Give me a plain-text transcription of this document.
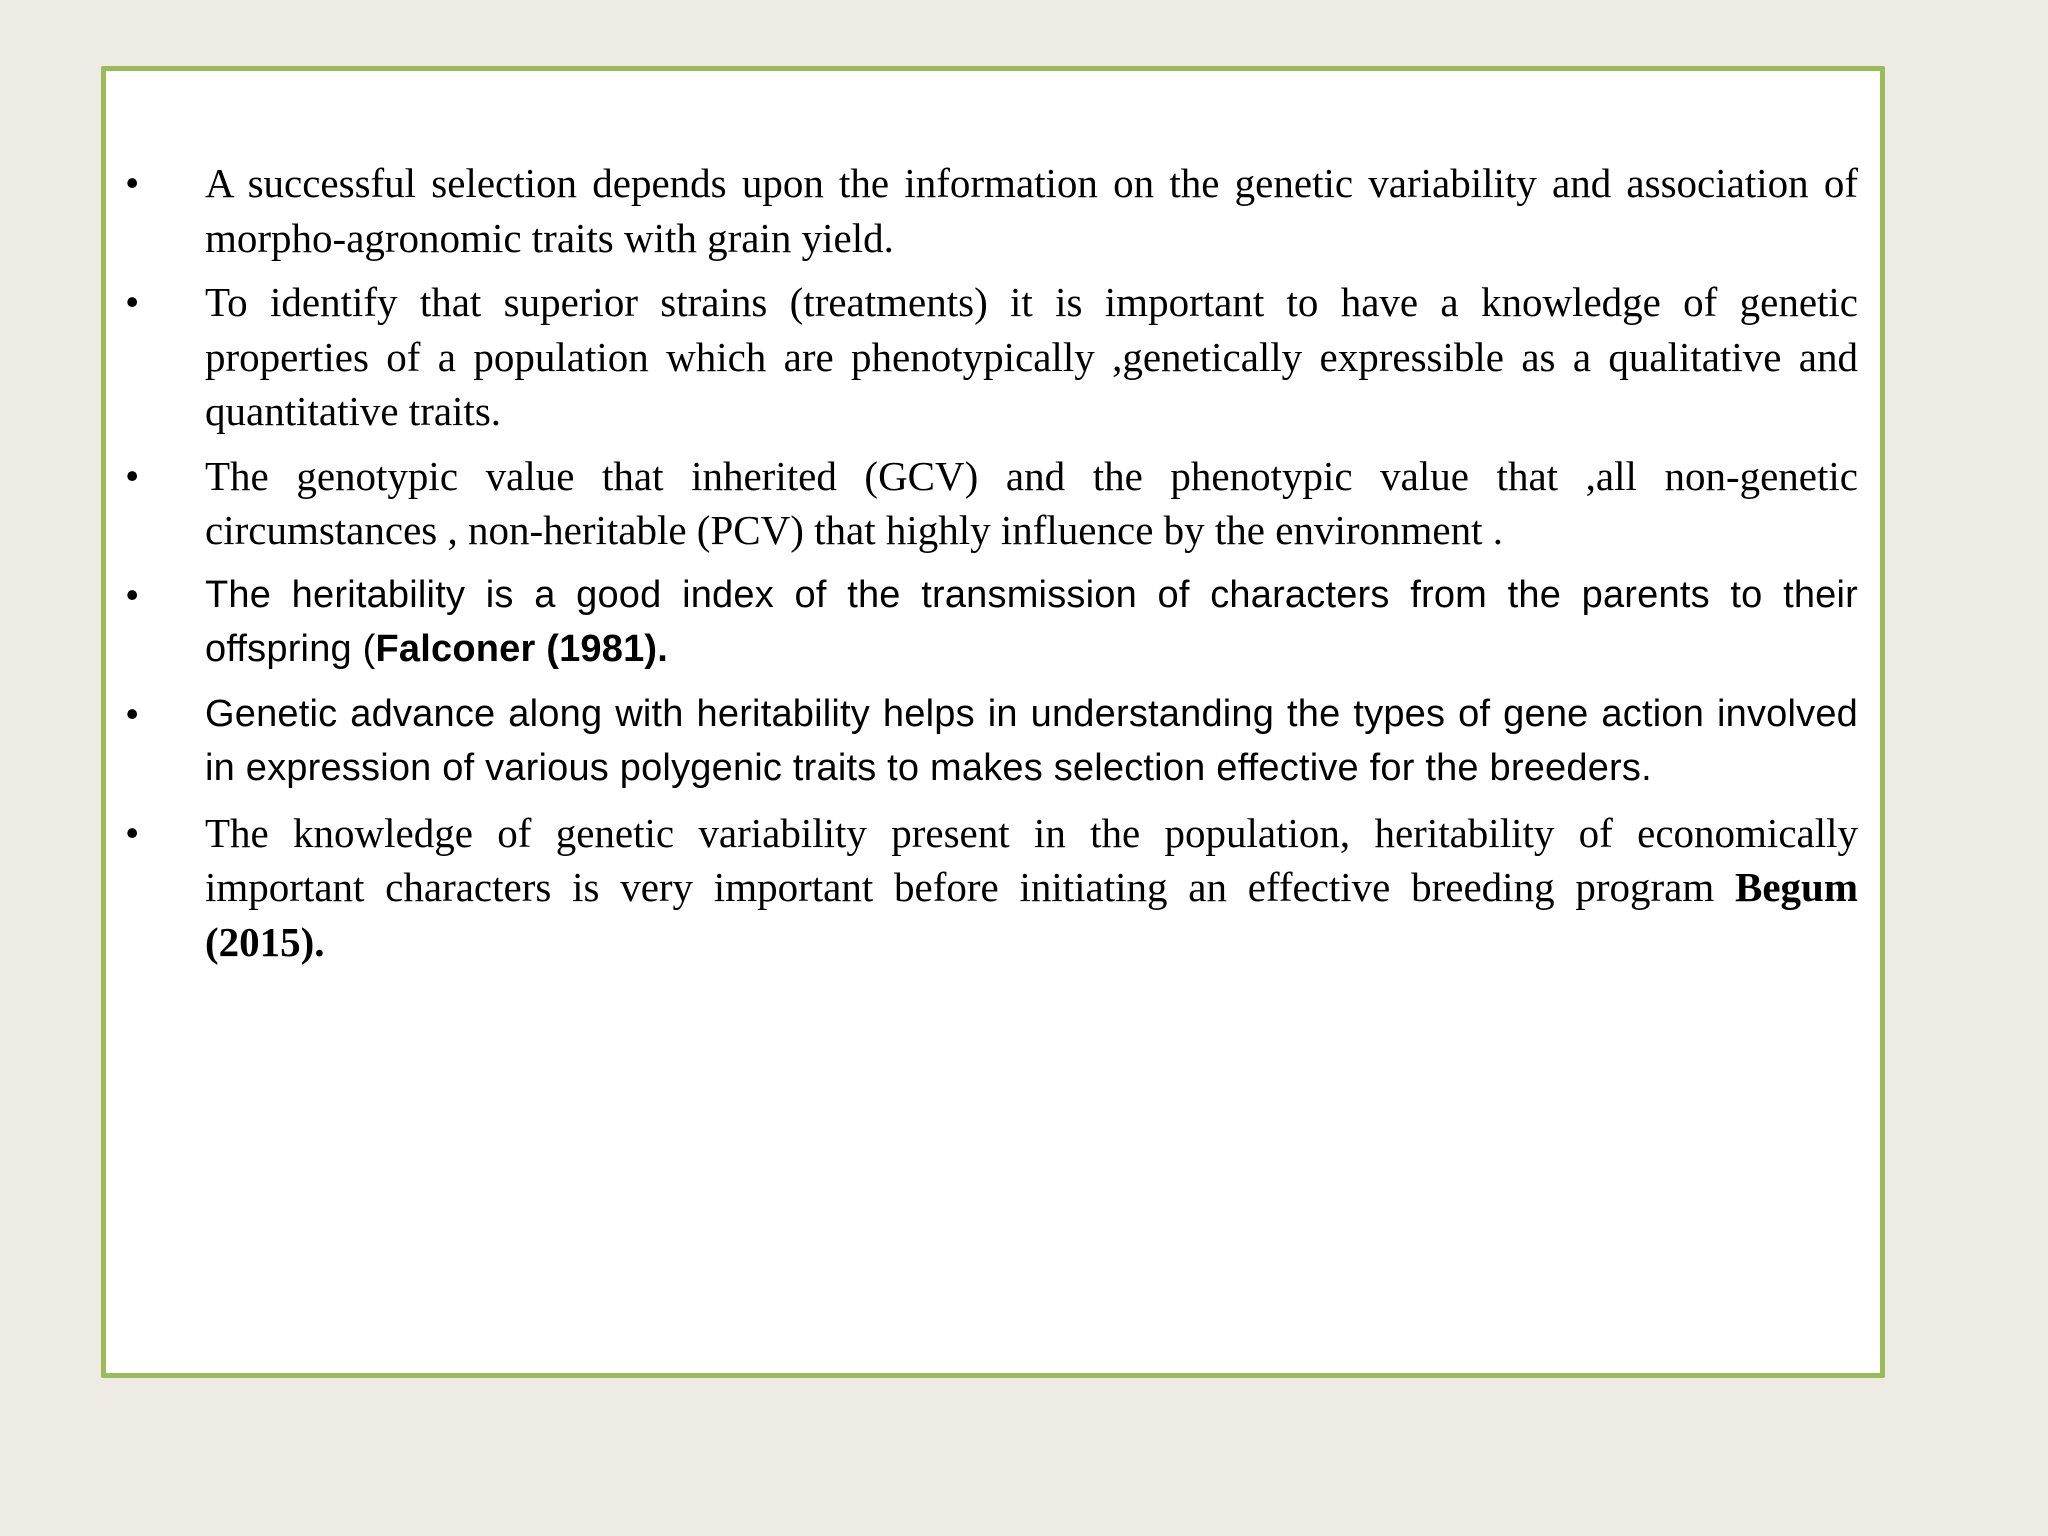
•	A successful selection depends upon the information on the genetic variability and association of morpho-agronomic traits with grain yield.
•	To identify that superior strains (treatments) it is important to have a knowledge of genetic properties of a population which are phenotypically ,genetically expressible as a qualitative and quantitative traits.
•	The genotypic value that inherited (GCV) and the phenotypic value that ,all non-genetic circumstances , non-heritable (PCV) that highly influence by the environment .
•	The heritability is a good index of the transmission of characters from the parents to their offspring (Falconer (1981).
•	Genetic advance along with heritability helps in understanding the types of gene action involved in expression of various polygenic traits to makes selection effective for the breeders.
•	The knowledge of genetic variability present in the population, heritability of economically important characters is very important before initiating an effective breeding program Begum (2015).
